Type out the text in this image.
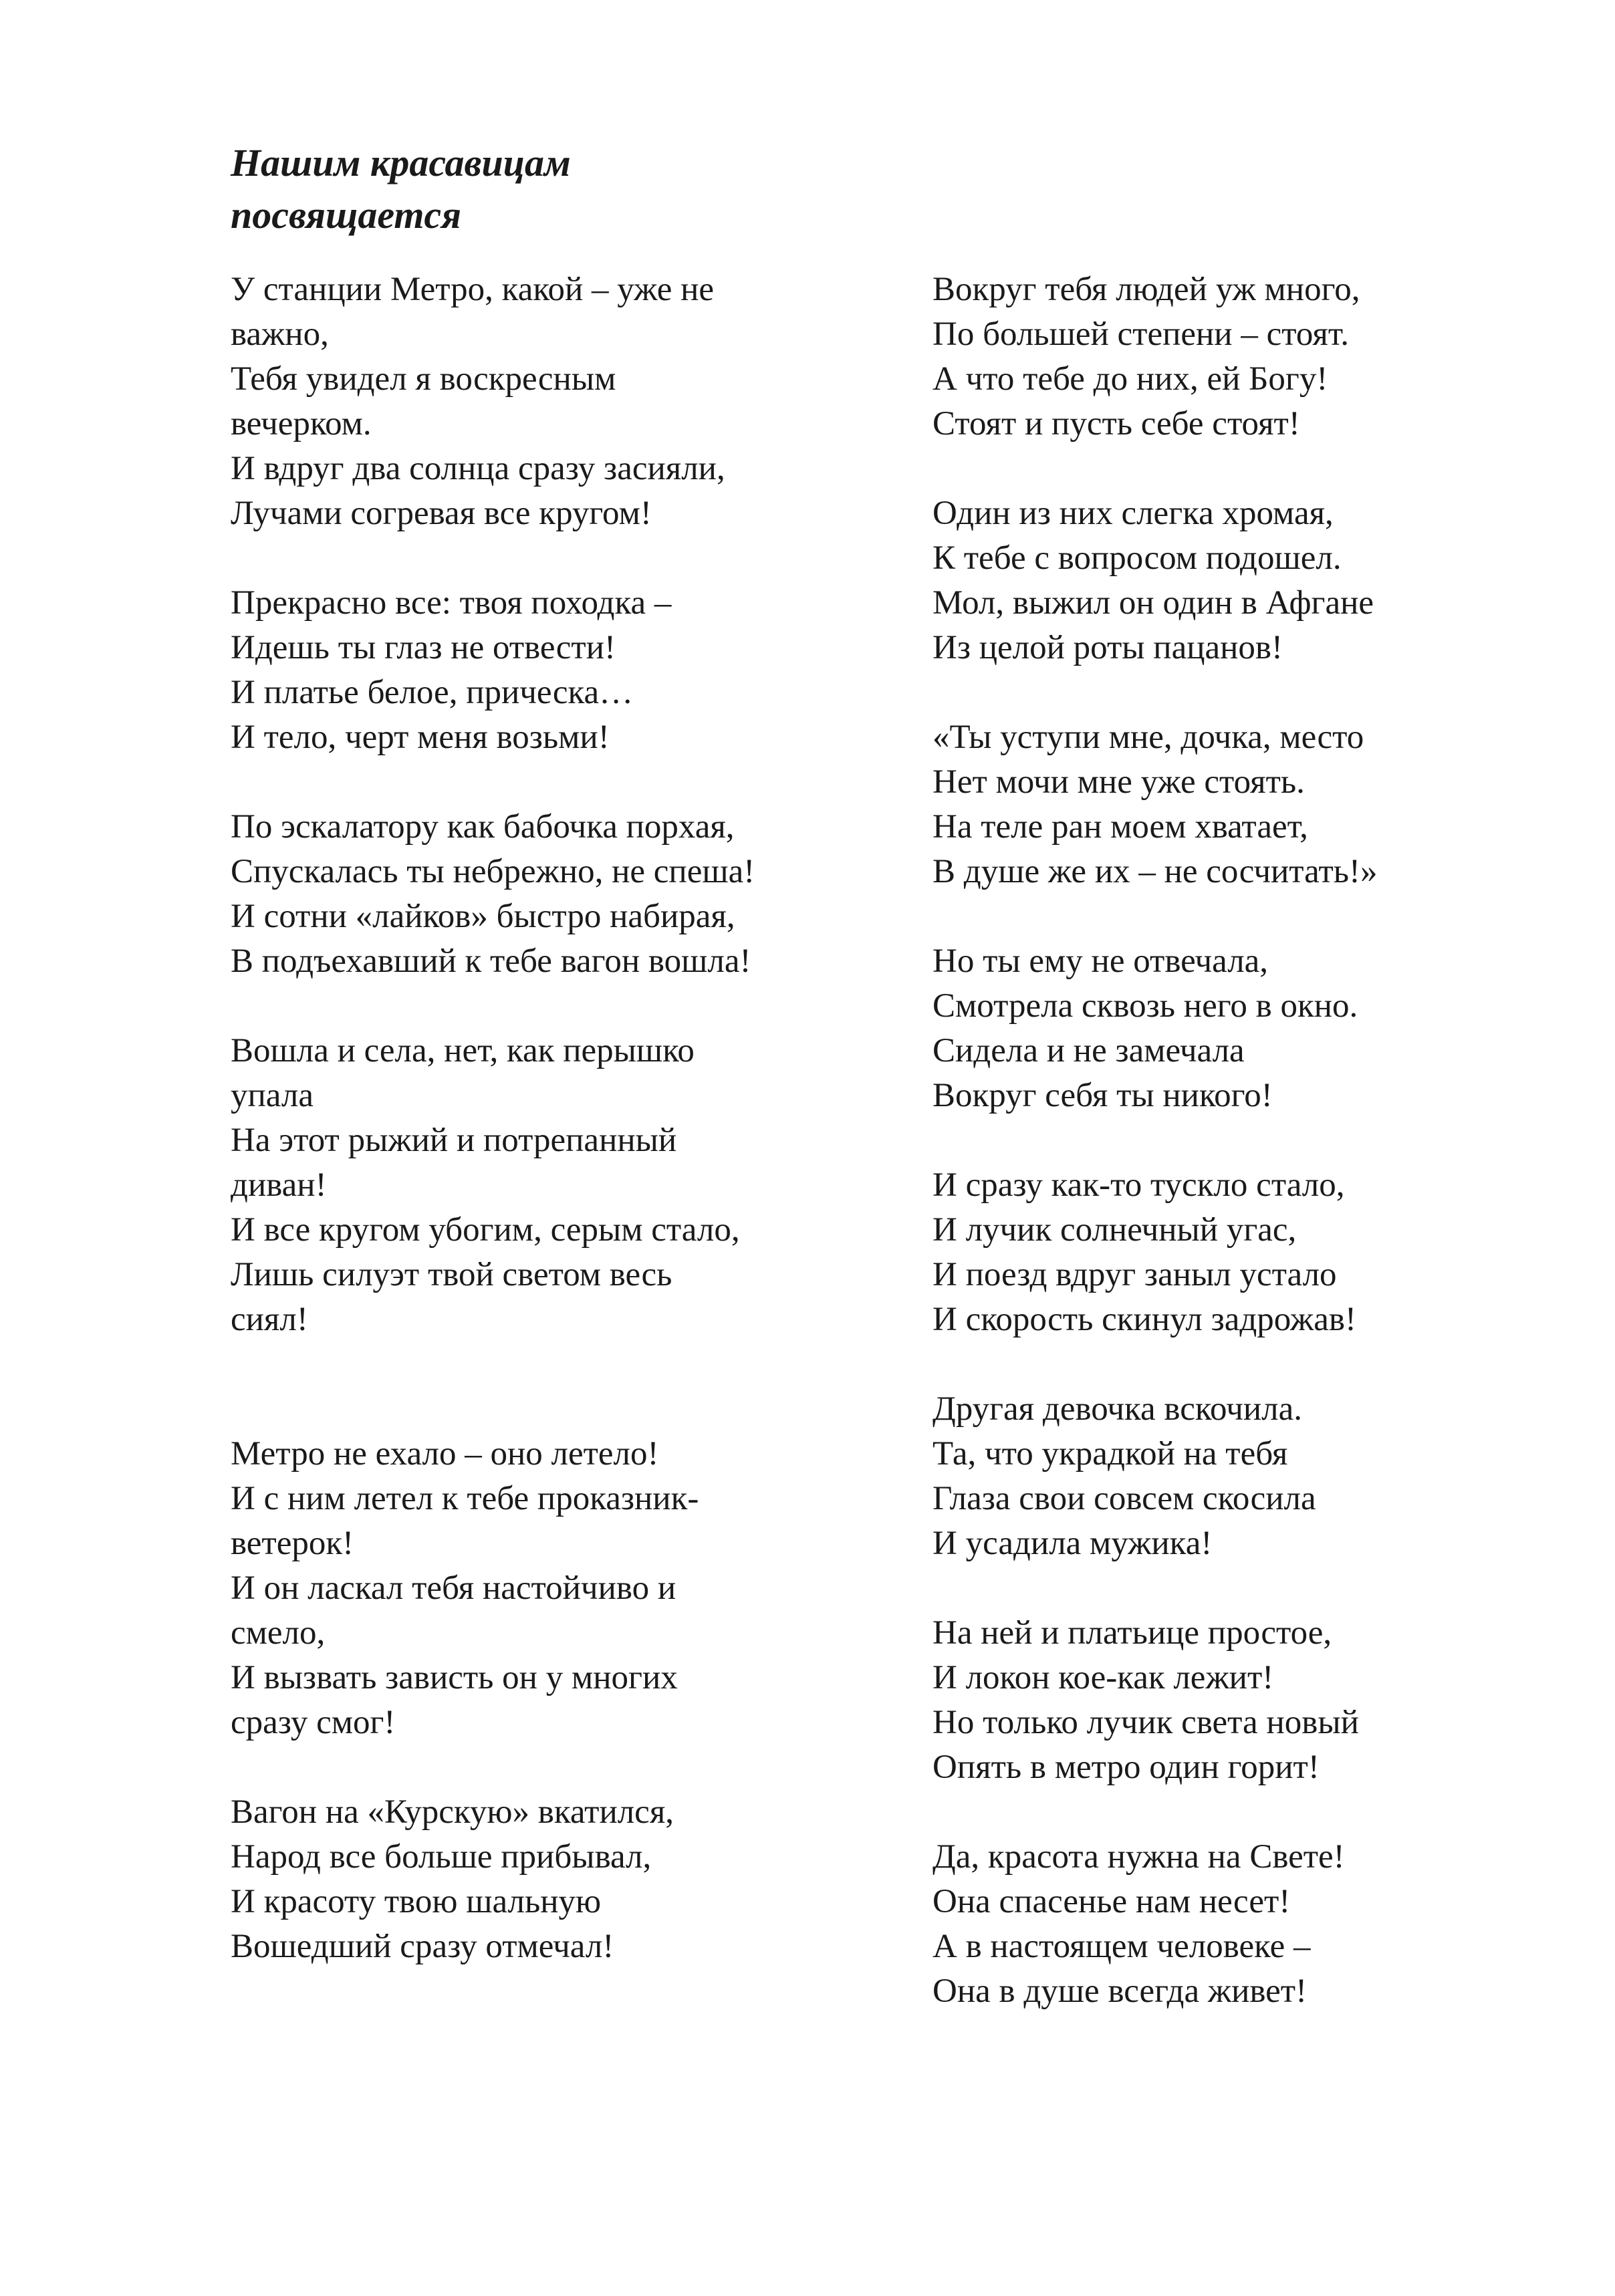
Нашим красавицам
посвящается
У станции Метро, какой – уже не
важно,
Тебя увидел я воскресным
вечерком.
И вдруг два солнца сразу засияли,
Лучами согревая все кругом!
Прекрасно все: твоя походка –
Идешь ты глаз не отвести!
И платье белое, прическа…
И тело, черт меня возьми!
По эскалатору как бабочка порхая,
Спускалась ты небрежно, не спеша!
И сотни «лайков» быстро набирая,
В подъехавший к тебе вагон вошла!
Вошла и села, нет, как перышко
упала
На этот рыжий и потрепанный
диван!
И все кругом убогим, серым стало,
Лишь силуэт твой светом весь
сиял!
Метро не ехало – оно летело!
И с ним летел к тебе проказник-
ветерок!
И он ласкал тебя настойчиво и
смело,
И вызвать зависть он у многих
сразу смог!
Вагон на «Курскую» вкатился,
Народ все больше прибывал,
И красоту твою шальную
Вошедший сразу отмечал!
Вокруг тебя людей уж много,
По большей степени – стоят.
А что тебе до них, ей Богу!
Стоят и пусть себе стоят!
Один из них слегка хромая,
К тебе с вопросом подошел.
Мол, выжил он один в Афгане
Из целой роты пацанов!
«Ты уступи мне, дочка, место
Нет мочи мне уже стоять.
На теле ран моем хватает,
В душе же их – не сосчитать!»
Но ты ему не отвечала,
Смотрела сквозь него в окно.
Сидела и не замечала
Вокруг себя ты никого!
И сразу как-то тускло стало,
И лучик солнечный угас,
И поезд вдруг заныл устало
И скорость скинул задрожав!
Другая девочка вскочила.
Та, что украдкой на тебя
Глаза свои совсем скосила
И усадила мужика!
На ней и платьице простое,
И локон кое-как лежит!
Но только лучик света новый
Опять в метро один горит!
Да, красота нужна на Свете!
Она спасенье нам несет!
А в настоящем человеке –
Она в душе всегда живет!
